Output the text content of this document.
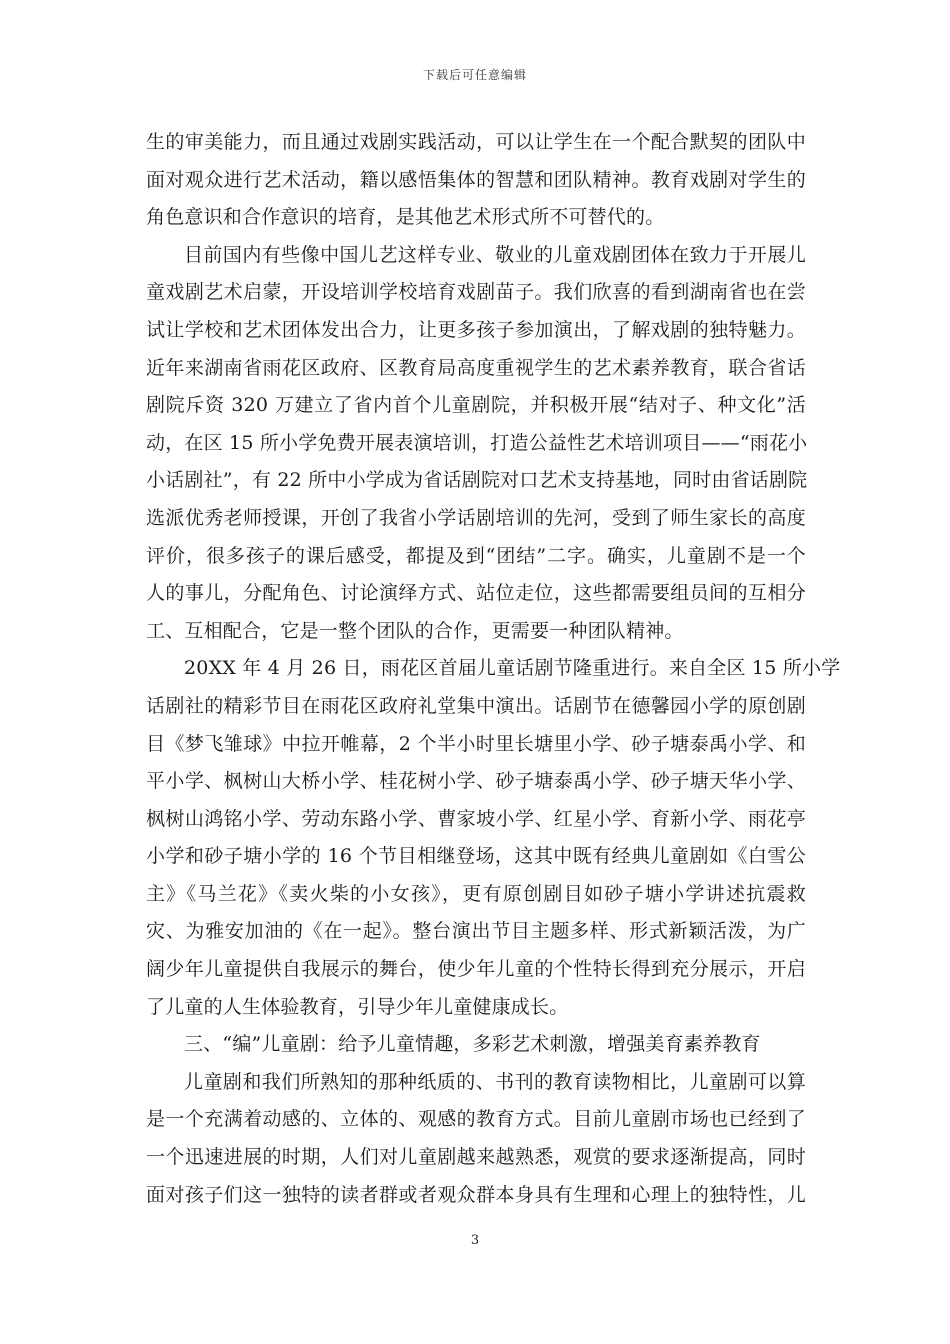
下载后可任意编辑
生的审美能力，而且通过戏剧实践活动，可以让学生在一个配合默契的团队中
面对观众进行艺术活动，籍以感悟集体的智慧和团队精神。教育戏剧对学生的
角色意识和合作意识的培育，是其他艺术形式所不可替代的。
目前国内有些像中国儿艺这样专业、敬业的儿童戏剧团体在致力于开展儿
童戏剧艺术启蒙，开设培训学校培育戏剧苗子。我们欣喜的看到湖南省也在尝
试让学校和艺术团体发出合力，让更多孩子参加演出，了解戏剧的独特魅力。
近年来湖南省雨花区政府、区教育局高度重视学生的艺术素养教育，联合省话
剧院斥资 320 万建立了省内首个儿童剧院，并积极开展“结对子、种文化”活
动，在区 15 所小学免费开展表演培训，打造公益性艺术培训项目——“雨花小
小话剧社”，有 22 所中小学成为省话剧院对口艺术支持基地，同时由省话剧院
选派优秀老师授课，开创了我省小学话剧培训的先河，受到了师生家长的高度
评价，很多孩子的课后感受，都提及到“团结”二字。确实，儿童剧不是一个
人的事儿，分配角色、讨论演绎方式、站位走位，这些都需要组员间的互相分
工、互相配合，它是一整个团队的合作，更需要一种团队精神。
20XX 年 4 月 26 日，雨花区首届儿童话剧节隆重进行。来自全区 15 所小学
话剧社的精彩节目在雨花区政府礼堂集中演出。话剧节在德馨园小学的原创剧
目《梦飞雏球》中拉开帷幕，2 个半小时里长塘里小学、砂子塘泰禹小学、和
平小学、枫树山大桥小学、桂花树小学、砂子塘泰禹小学、砂子塘天华小学、
枫树山鸿铭小学、劳动东路小学、曹家坡小学、红星小学、育新小学、雨花亭
小学和砂子塘小学的 16 个节目相继登场，这其中既有经典儿童剧如《白雪公
主》《马兰花》《卖火柴的小女孩》，更有原创剧目如砂子塘小学讲述抗震救
灾、为雅安加油的《在一起》。整台演出节目主题多样、形式新颖活泼，为广
阔少年儿童提供自我展示的舞台，使少年儿童的个性特长得到充分展示，开启
了儿童的人生体验教育，引导少年儿童健康成长。
三、“编”儿童剧：给予儿童情趣，多彩艺术刺激，增强美育素养教育
儿童剧和我们所熟知的那种纸质的、书刊的教育读物相比，儿童剧可以算
是一个充满着动感的、立体的、观感的教育方式。目前儿童剧市场也已经到了
一个迅速进展的时期，人们对儿童剧越来越熟悉，观赏的要求逐渐提高，同时
面对孩子们这一独特的读者群或者观众群本身具有生理和心理上的独特性，儿
3
